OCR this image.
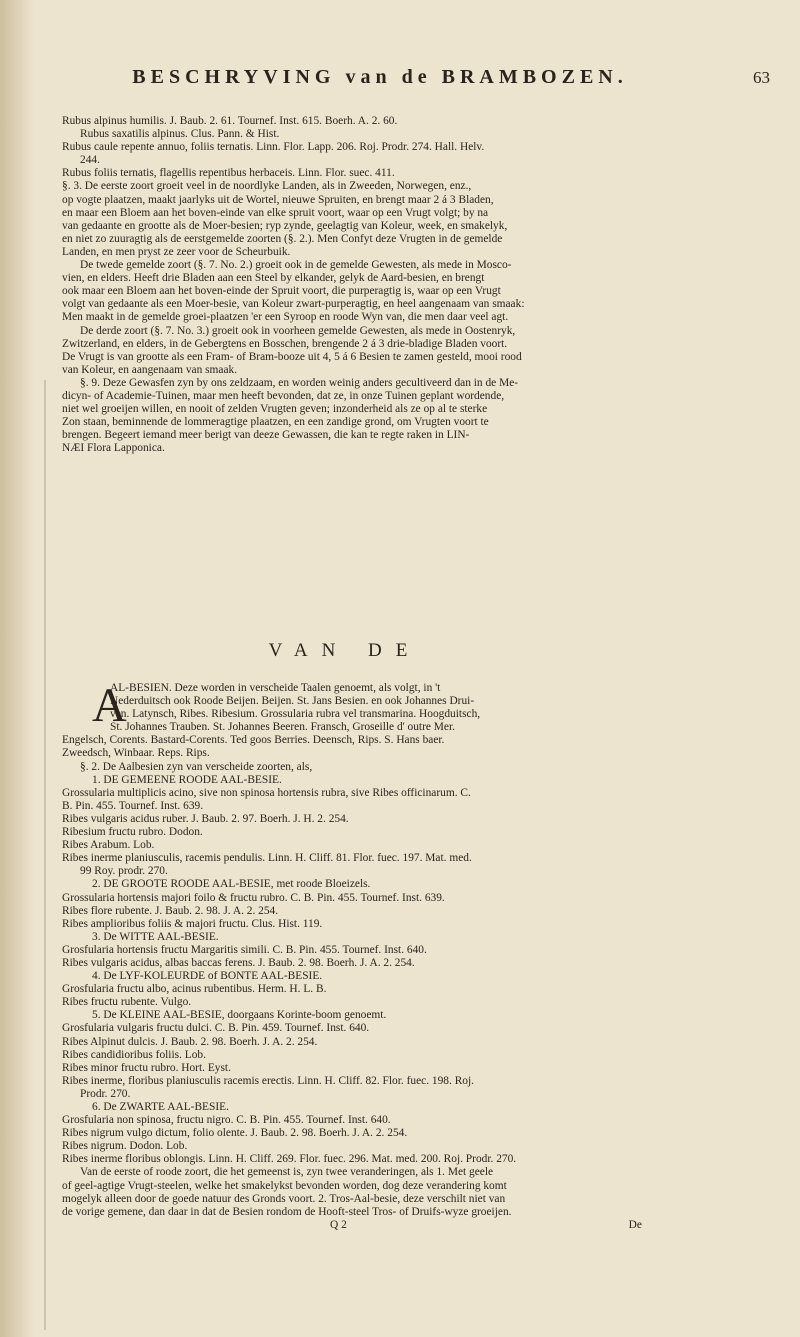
BESCHRYVING van de BRAMBOZEN.	63
Rubus alpinus humilis. J. Baub. 2. 61. Tournef. Inst. 615. Boerh. A. 2. 60.
Rubus saxatilis alpinus. Clus. Pann. & Hist.
Rubus caule repente annuo, foliis ternatis. Linn. Flor. Lapp. 206. Roj. Prodr. 274. Hall. Helv.
244.
Rubus foliis ternatis, flagellis repentibus herbaceis. Linn. Flor. suec. 411.
§. 3. De eerste zoort groeit veel in de noordlyke Landen, als in Zweeden, Norwegen, enz.,
op vogte plaatzen, maakt jaarlyks uit de Wortel, nieuwe Spruiten, en brengt maar 2 á 3 Bladen,
en maar een Bloem aan het boven-einde van elke spruit voort, waar op een Vrugt volgt; by na
van gedaante en grootte als de Moer-besien; ryp zynde, geelagtig van Koleur, week, en smakelyk,
en niet zo zuuragtig als de eerstgemelde zoorten (§. 2.). Men Confyt deze Vrugten in de gemelde
Landen, en men pryst ze zeer voor de Scheurbuik.
De twede gemelde zoort (§. 7. No. 2.) groeit ook in de gemelde Gewesten, als mede in Mosco-
vien, en elders. Heeft drie Bladen aan een Steel by elkander, gelyk de Aard-besien, en brengt
ook maar een Bloem aan het boven-einde der Spruit voort, die purperagtig is, waar op een Vrugt
volgt van gedaante als een Moer-besie, van Koleur zwart-purperagtig, en heel aangenaam van smaak:
Men maakt in de gemelde groei-plaatzen 'er een Syroop en roode Wyn van, die men daar veel agt.
De derde zoort (§. 7. No. 3.) groeit ook in voorheen gemelde Gewesten, als mede in Oostenryk,
Zwitzerland, en elders, in de Gebergtens en Bosschen, brengende 2 á 3 drie-bladige Bladen voort.
De Vrugt is van grootte als een Fram- of Bram-booze uit 4, 5 á 6 Besien te zamen gesteld, mooi rood
van Koleur, en aangenaam van smaak.
§. 9. Deze Gewasfen zyn by ons zeldzaam, en worden weinig anders gecultiveerd dan in de Me-
dicyn- of Academie-Tuinen, maar men heeft bevonden, dat ze, in onze Tuinen geplant wordende,
niet wel groeijen willen, en nooit of zelden Vrugten geven; inzonderheid als ze op al te sterke
Zon staan, beminnende de lommeragtige plaatzen, en een zandige grond, om Vrugten voort te
brengen. Begeert iemand meer berigt van deeze Gewassen, die kan te regte raken in LIN-
NÆI Flora Lapponica.
VAN DE
A
AL-BESIEN. Deze worden in verscheide Taalen genoemt, als volgt, in 't
Nederduitsch ook Roode Beijen. Beijen. St. Jans Besien. en ook Johannes Drui-
ven. Latynsch, Ribes. Ribesium. Grossularia rubra vel transmarina. Hoogduitsch,
St. Johannes Trauben. St. Johannes Beeren. Fransch, Groseille d' outre Mer.
Engelsch, Corents. Bastard-Corents. Ted goos Berries. Deensch, Rips. S. Hans baer.
Zweedsch, Winbaar. Reps. Rips.
§. 2. De Aalbesien zyn van verscheide zoorten, als,
1. DE GEMEENE ROODE AAL-BESIE.
Grossularia multiplicis acino, sive non spinosa hortensis rubra, sive Ribes officinarum. C.
B. Pin. 455. Tournef. Inst. 639.
Ribes vulgaris acidus ruber. J. Baub. 2. 97. Boerh. J. H. 2. 254.
Ribesium fructu rubro. Dodon.
Ribes Arabum. Lob.
Ribes inerme planiusculis, racemis pendulis. Linn. H. Cliff. 81. Flor. fuec. 197. Mat. med.
99 Roy. prodr. 270.
2. DE GROOTE ROODE AAL-BESIE, met roode Bloeizels.
Grossularia hortensis majori foilo & fructu rubro. C. B. Pin. 455. Tournef. Inst. 639.
Ribes flore rubente. J. Baub. 2. 98. J. A. 2. 254.
Ribes amplioribus foliis & majori fructu. Clus. Hist. 119.
3. De WITTE AAL-BESIE.
Grosfularia hortensis fructu Margaritis simili. C. B. Pin. 455. Tournef. Inst. 640.
Ribes vulgaris acidus, albas baccas ferens. J. Baub. 2. 98. Boerh. J. A. 2. 254.
4. De LYF-KOLEURDE of BONTE AAL-BESIE.
Grosfularia fructu albo, acinus rubentibus. Herm. H. L. B.
Ribes fructu rubente. Vulgo.
5. De KLEINE AAL-BESIE, doorgaans Korinte-boom genoemt.
Grosfularia vulgaris fructu dulci. C. B. Pin. 459. Tournef. Inst. 640.
Ribes Alpinut dulcis. J. Baub. 2. 98. Boerh. J. A. 2. 254.
Ribes candidioribus foliis. Lob.
Ribes minor fructu rubro. Hort. Eyst.
Ribes inerme, floribus planiusculis racemis erectis. Linn. H. Cliff. 82. Flor. fuec. 198. Roj.
Prodr. 270.
6. De ZWARTE AAL-BESIE.
Grosfularia non spinosa, fructu nigro. C. B. Pin. 455. Tournef. Inst. 640.
Ribes nigrum vulgo dictum, folio olente. J. Baub. 2. 98. Boerh. J. A. 2. 254.
Ribes nigrum. Dodon. Lob.
Ribes inerme floribus oblongis. Linn. H. Cliff. 269. Flor. fuec. 296. Mat. med. 200. Roj. Prodr. 270.
Van de eerste of roode zoort, die het gemeenst is, zyn twee veranderingen, als 1. Met geele
of geel-agtige Vrugt-steelen, welke het smakelykst bevonden worden, dog deze verandering komt
mogelyk alleen door de goede natuur des Gronds voort. 2. Tros-Aal-besie, deze verschilt niet van
de vorige gemene, dan daar in dat de Besien rondom de Hooft-steel Tros- of Druifs-wyze groeijen.
Q 2                                                                                                   De
